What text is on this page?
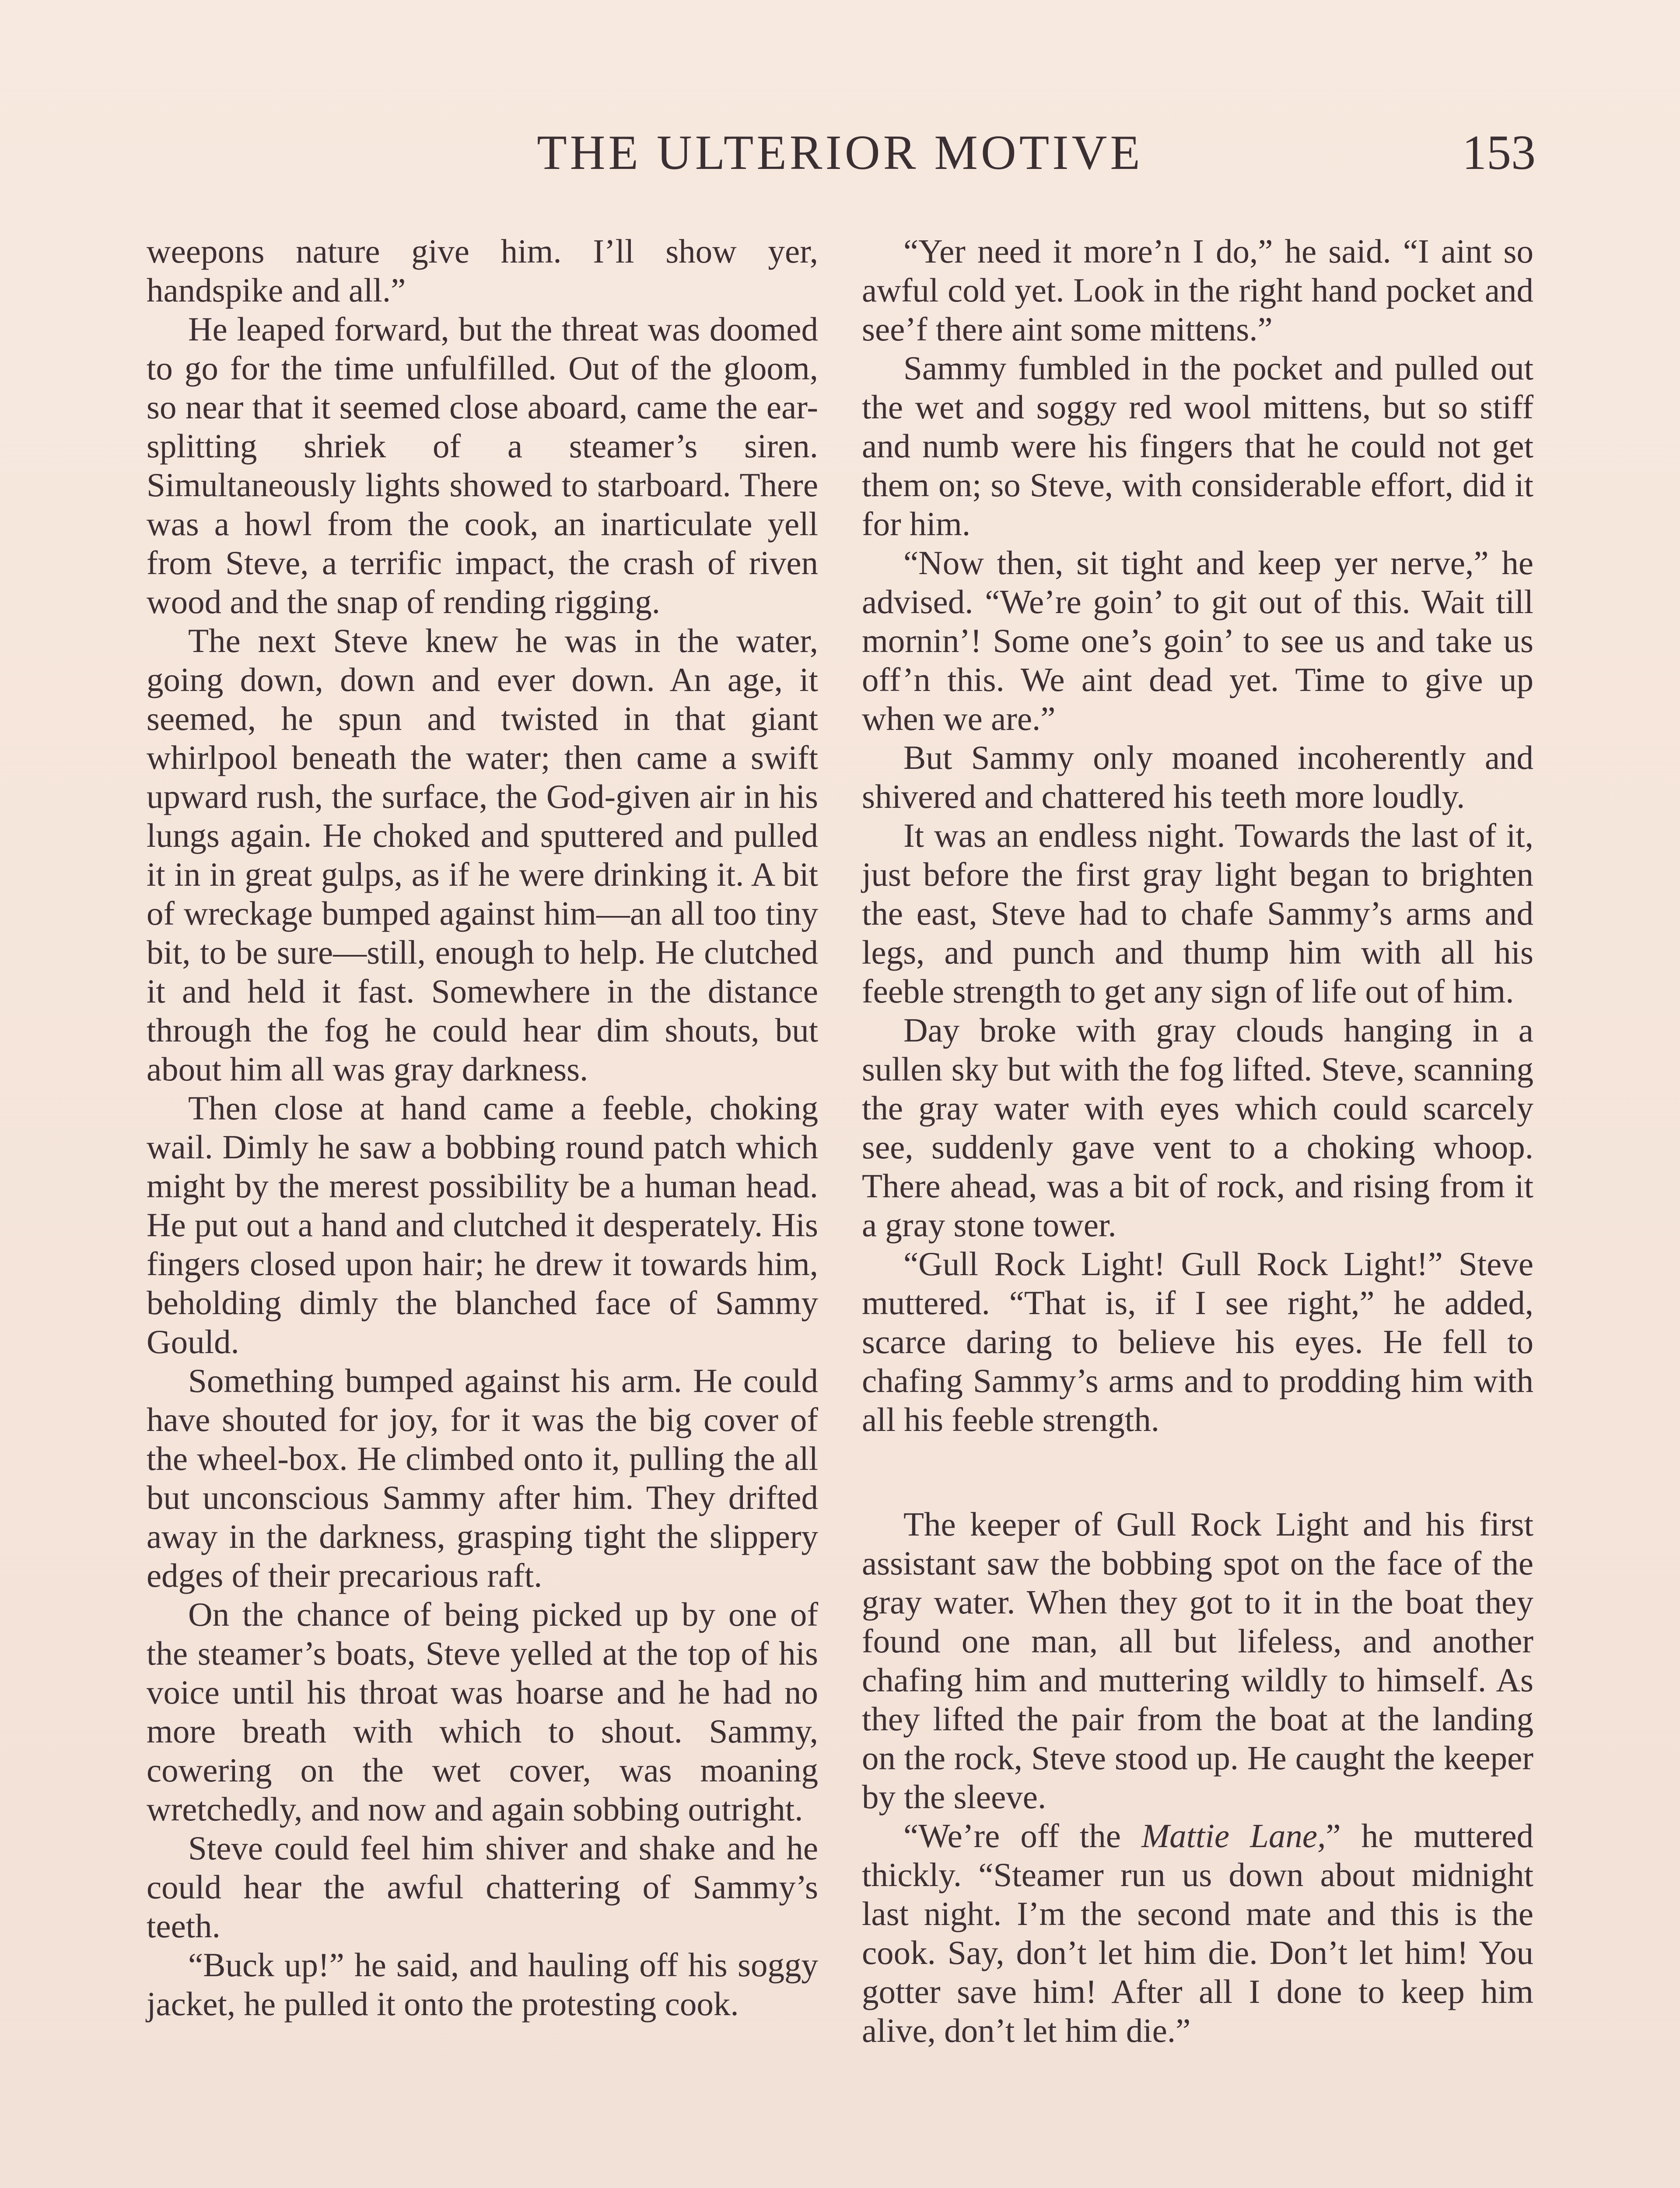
THE ULTERIOR MOTIVE	153

weepons nature give him. I’ll show yer, handspike and all.”

He leaped forward, but the threat was doomed to go for the time unfulfilled. Out of the gloom, so near that it seemed close aboard, came the ear-splitting shriek of a steamer’s siren. Simultaneously lights showed to starboard. There was a howl from the cook, an inarticulate yell from Steve, a terrific impact, the crash of riven wood and the snap of rending rigging.

The next Steve knew he was in the water, going down, down and ever down. An age, it seemed, he spun and twisted in that giant whirlpool beneath the water; then came a swift upward rush, the surface, the God-given air in his lungs again. He choked and sputtered and pulled it in in great gulps, as if he were drinking it. A bit of wreckage bumped against him—an all too tiny bit, to be sure—still, enough to help. He clutched it and held it fast. Somewhere in the distance through the fog he could hear dim shouts, but about him all was gray darkness.

Then close at hand came a feeble, choking wail. Dimly he saw a bobbing round patch which might by the merest possibility be a human head. He put out a hand and clutched it desperately. His fingers closed upon hair; he drew it towards him, beholding dimly the blanched face of Sammy Gould.

Something bumped against his arm. He could have shouted for joy, for it was the big cover of the wheel-box. He climbed onto it, pulling the all but unconscious Sammy after him. They drifted away in the darkness, grasping tight the slippery edges of their precarious raft.

On the chance of being picked up by one of the steamer’s boats, Steve yelled at the top of his voice until his throat was hoarse and he had no more breath with which to shout. Sammy, cowering on the wet cover, was moaning wretchedly, and now and again sobbing outright.

Steve could feel him shiver and shake and he could hear the awful chattering of Sammy’s teeth.

“Buck up!” he said, and hauling off his soggy jacket, he pulled it onto the protesting cook.

“Yer need it more’n I do,” he said. “I aint so awful cold yet. Look in the right hand pocket and see’f there aint some mittens.”

Sammy fumbled in the pocket and pulled out the wet and soggy red wool mittens, but so stiff and numb were his fingers that he could not get them on; so Steve, with considerable effort, did it for him.

“Now then, sit tight and keep yer nerve,” he advised. “We’re goin’ to git out of this. Wait till mornin’! Some one’s goin’ to see us and take us off’n this. We aint dead yet. Time to give up when we are.”

But Sammy only moaned incoherently and shivered and chattered his teeth more loudly.

It was an endless night. Towards the last of it, just before the first gray light began to brighten the east, Steve had to chafe Sammy’s arms and legs, and punch and thump him with all his feeble strength to get any sign of life out of him.

Day broke with gray clouds hanging in a sullen sky but with the fog lifted. Steve, scanning the gray water with eyes which could scarcely see, suddenly gave vent to a choking whoop. There ahead, was a bit of rock, and rising from it a gray stone tower.

“Gull Rock Light! Gull Rock Light!” Steve muttered. “That is, if I see right,” he added, scarce daring to believe his eyes. He fell to chafing Sammy’s arms and to prodding him with all his feeble strength.

The keeper of Gull Rock Light and his first assistant saw the bobbing spot on the face of the gray water. When they got to it in the boat they found one man, all but lifeless, and another chafing him and muttering wildly to himself. As they lifted the pair from the boat at the landing on the rock, Steve stood up. He caught the keeper by the sleeve.

“We’re off the Mattie Lane,” he muttered thickly. “Steamer run us down about midnight last night. I’m the second mate and this is the cook. Say, don’t let him die. Don’t let him! You gotter save him! After all I done to keep him alive, don’t let him die.”
